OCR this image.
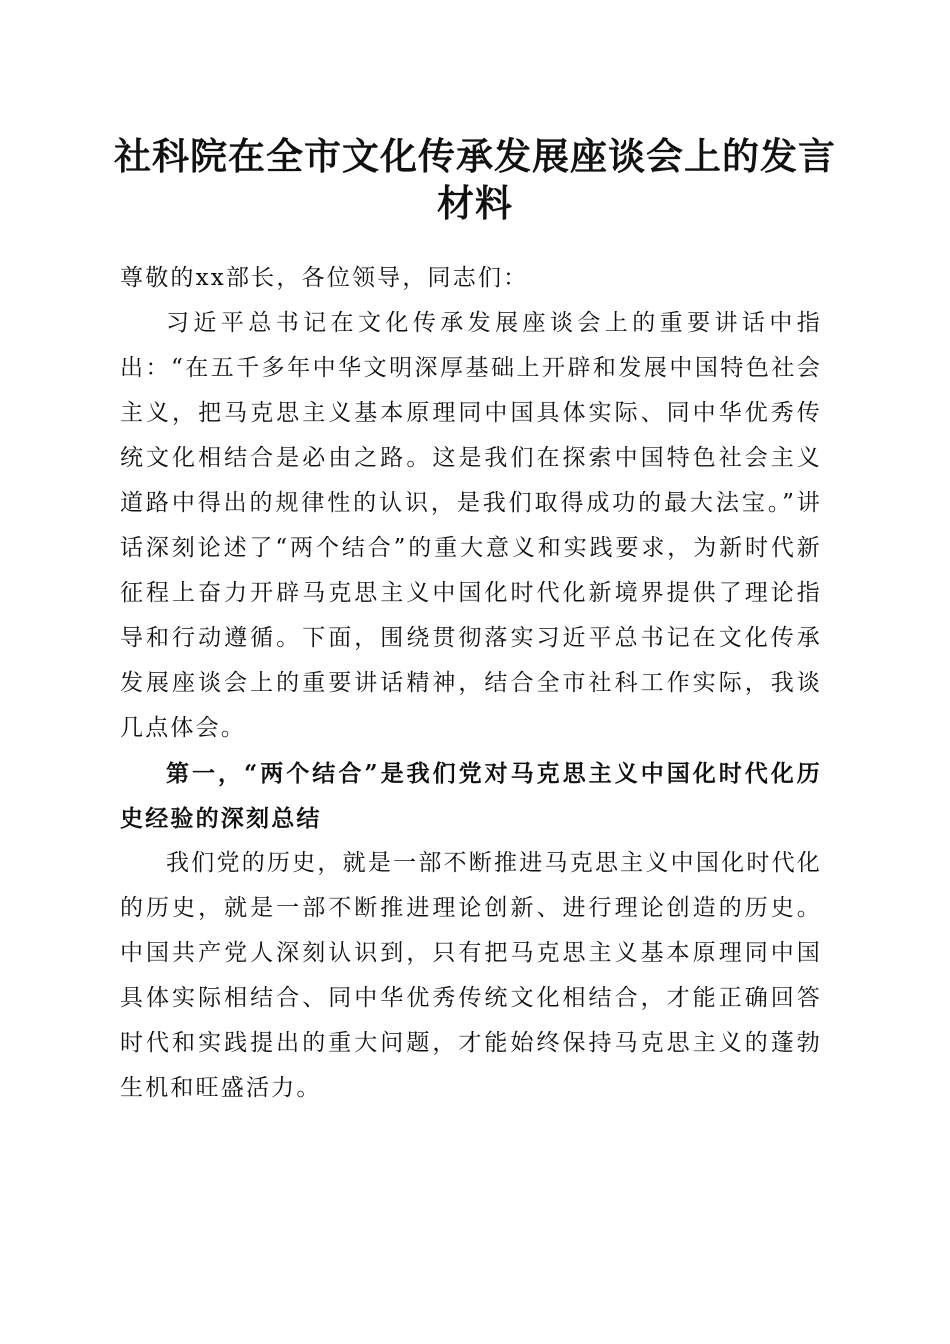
社科院在全市文化传承发展座谈会上的发言材料

尊敬的xx部长，各位领导，同志们：

习近平总书记在文化传承发展座谈会上的重要讲话中指出：“在五千多年中华文明深厚基础上开辟和发展中国特色社会主义，把马克思主义基本原理同中国具体实际、同中华优秀传统文化相结合是必由之路。这是我们在探索中国特色社会主义道路中得出的规律性的认识，是我们取得成功的最大法宝。”讲话深刻论述了“两个结合”的重大意义和实践要求，为新时代新征程上奋力开辟马克思主义中国化时代化新境界提供了理论指导和行动遵循。下面，围绕贯彻落实习近平总书记在文化传承发展座谈会上的重要讲话精神，结合全市社科工作实际，我谈几点体会。

第一，“两个结合”是我们党对马克思主义中国化时代化历史经验的深刻总结

我们党的历史，就是一部不断推进马克思主义中国化时代化的历史，就是一部不断推进理论创新、进行理论创造的历史。中国共产党人深刻认识到，只有把马克思主义基本原理同中国具体实际相结合、同中华优秀传统文化相结合，才能正确回答时代和实践提出的重大问题，才能始终保持马克思主义的蓬勃生机和旺盛活力。
